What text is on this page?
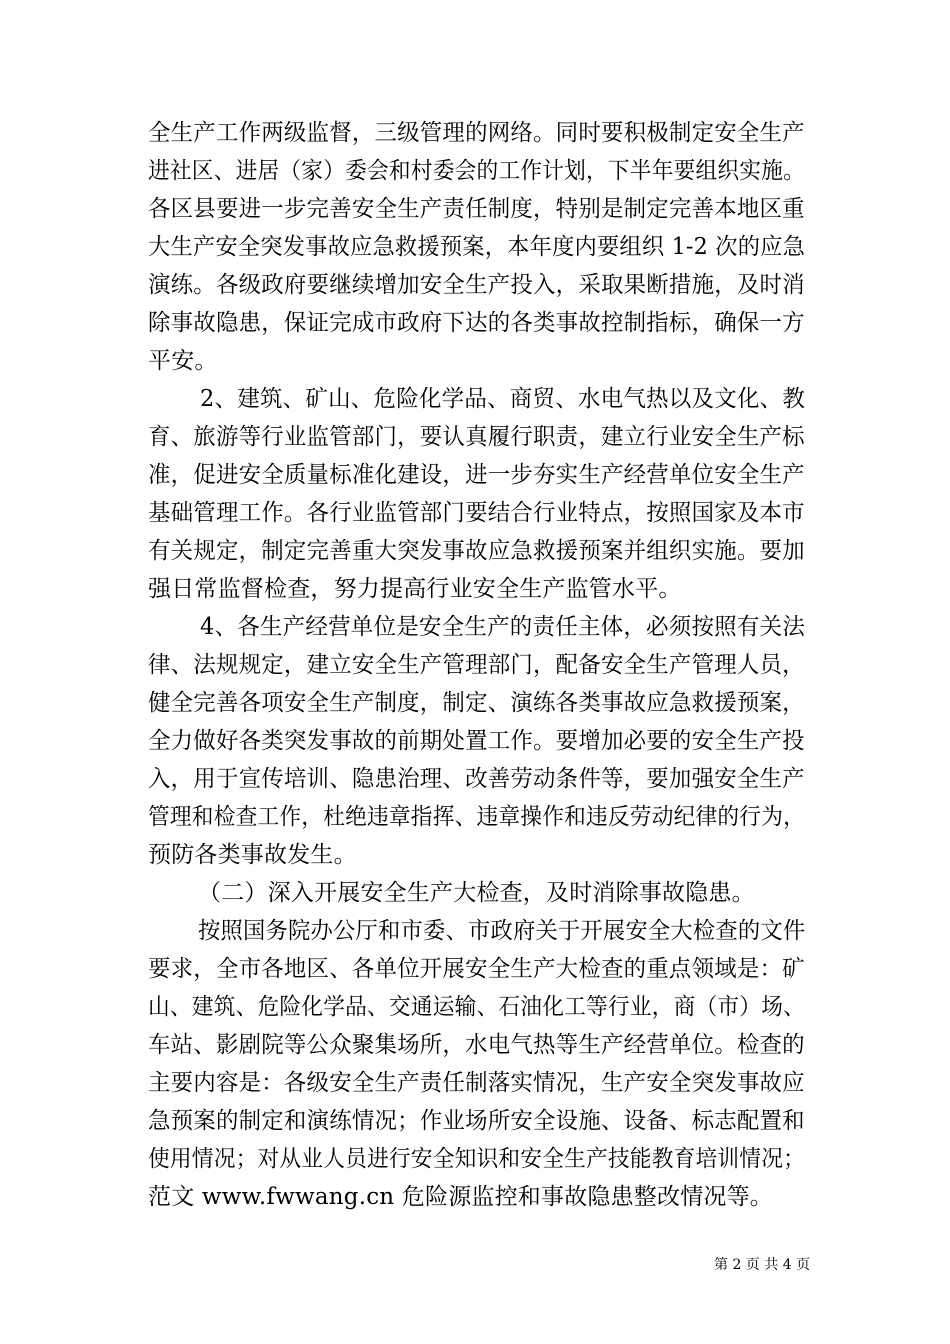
全生产工作两级监督，三级管理的网络。同时要积极制定安全生产
进社区、进居（家）委会和村委会的工作计划，下半年要组织实施。
各区县要进一步完善安全生产责任制度，特别是制定完善本地区重
大生产安全突发事故应急救援预案，本年度内要组织 1-2 次的应急
演练。各级政府要继续增加安全生产投入，采取果断措施，及时消
除事故隐患，保证完成市政府下达的各类事故控制指标，确保一方
平安。
2、建筑、矿山、危险化学品、商贸、水电气热以及文化、教
育、旅游等行业监管部门，要认真履行职责，建立行业安全生产标
准，促进安全质量标准化建设，进一步夯实生产经营单位安全生产
基础管理工作。各行业监管部门要结合行业特点，按照国家及本市
有关规定，制定完善重大突发事故应急救援预案并组织实施。要加
强日常监督检查，努力提高行业安全生产监管水平。
4、各生产经营单位是安全生产的责任主体，必须按照有关法
律、法规规定，建立安全生产管理部门，配备安全生产管理人员，
健全完善各项安全生产制度，制定、演练各类事故应急救援预案，
全力做好各类突发事故的前期处置工作。要增加必要的安全生产投
入，用于宣传培训、隐患治理、改善劳动条件等，要加强安全生产
管理和检查工作，杜绝违章指挥、违章操作和违反劳动纪律的行为，
预防各类事故发生。
（二）深入开展安全生产大检查，及时消除事故隐患。
按照国务院办公厅和市委、市政府关于开展安全大检查的文件
要求，全市各地区、各单位开展安全生产大检查的重点领域是：矿
山、建筑、危险化学品、交通运输、石油化工等行业，商（市）场、
车站、影剧院等公众聚集场所，水电气热等生产经营单位。检查的
主要内容是：各级安全生产责任制落实情况，生产安全突发事故应
急预案的制定和演练情况；作业场所安全设施、设备、标志配置和
使用情况；对从业人员进行安全知识和安全生产技能教育培训情况；
范文 www.fwwang.cn 危险源监控和事故隐患整改情况等。
第 2 页 共 4 页
